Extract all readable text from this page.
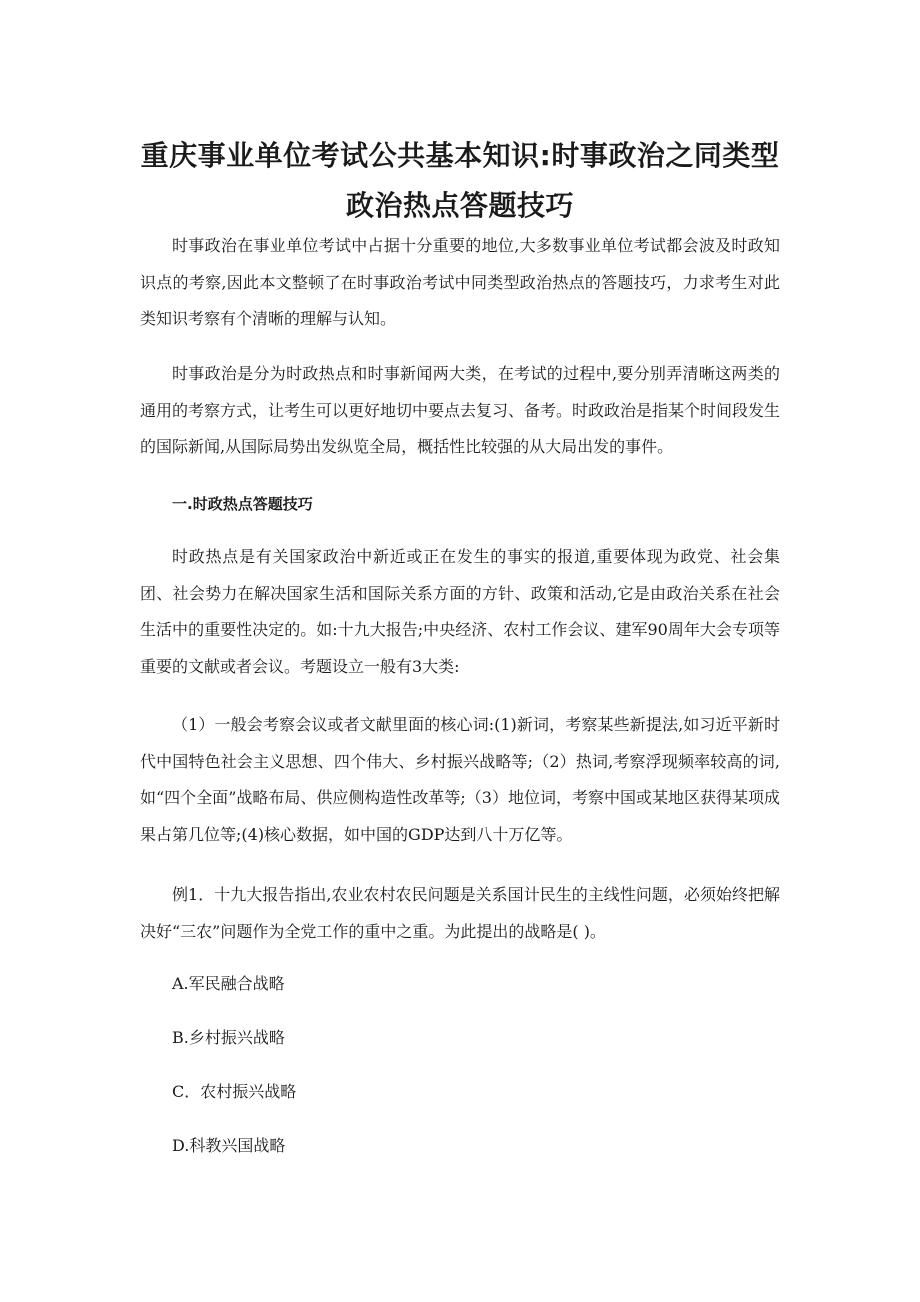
重庆事业单位考试公共基本知识:时事政治之同类型
政治热点答题技巧

时事政治在事业单位考试中占据十分重要的地位,大多数事业单位考试都会波及时政知识点的考察,因此本文整顿了在时事政治考试中同类型政治热点的答题技巧，力求考生对此类知识考察有个清晰的理解与认知。

时事政治是分为时政热点和时事新闻两大类，在考试的过程中,要分别弄清晰这两类的通用的考察方式，让考生可以更好地切中要点去复习、备考。时政政治是指某个时间段发生的国际新闻,从国际局势出发纵览全局，概括性比较强的从大局出发的事件。

一.时政热点答题技巧

时政热点是有关国家政治中新近或正在发生的事实的报道,重要体现为政党、社会集团、社会势力在解决国家生活和国际关系方面的方针、政策和活动,它是由政治关系在社会生活中的重要性决定的。如:十九大报告;中央经济、农村工作会议、建军90周年大会专项等重要的文献或者会议。考题设立一般有3大类:

（1）一般会考察会议或者文献里面的核心词:(1)新词，考察某些新提法,如习近平新时代中国特色社会主义思想、四个伟大、乡村振兴战略等;（2）热词,考察浮现频率较高的词,如“四个全面”战略布局、供应侧构造性改革等;（3）地位词，考察中国或某地区获得某项成果占第几位等;(4)核心数据，如中国的GDP达到八十万亿等。

例1．十九大报告指出,农业农村农民问题是关系国计民生的主线性问题，必须始终把解决好“三农”问题作为全党工作的重中之重。为此提出的战略是( )。

A.军民融合战略

B.乡村振兴战略

C．农村振兴战略

D.科教兴国战略
